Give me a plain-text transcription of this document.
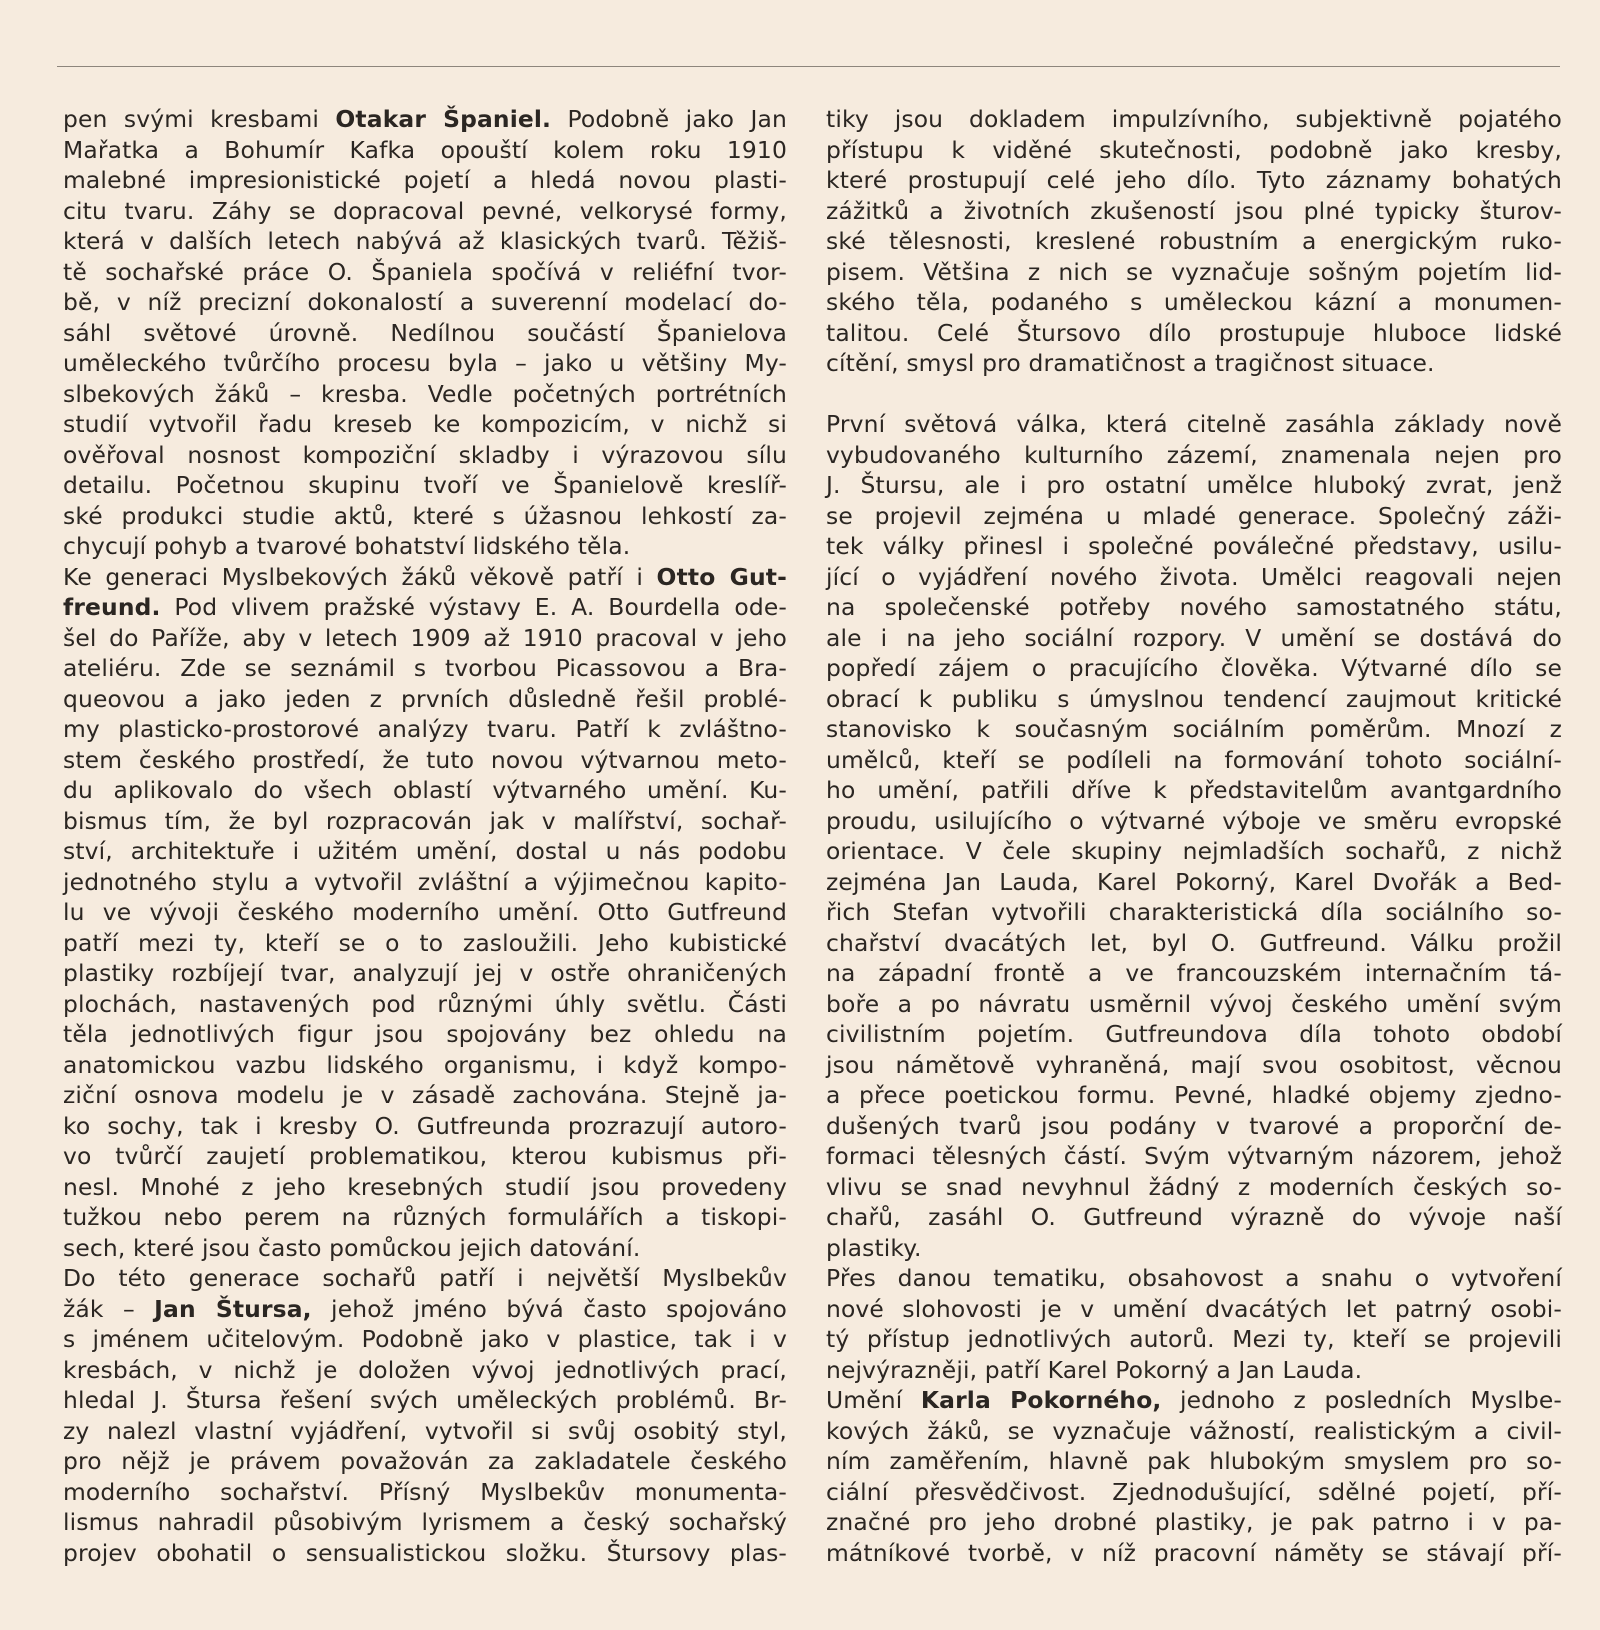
pen svými kresbami Otakar Španiel. Podobně jako Jan
Mařatka a Bohumír Kafka opouští kolem roku 1910
malebné impresionistické pojetí a hledá novou plasti-
citu tvaru. Záhy se dopracoval pevné, velkorysé formy,
která v dalších letech nabývá až klasických tvarů. Těžiš-
tě sochařské práce O. Španiela spočívá v reliéfní tvor-
bě, v níž precizní dokonalostí a suverenní modelací do-
sáhl světové úrovně. Nedílnou součástí Španielova
uměleckého tvůrčího procesu byla – jako u většiny My-
slbekových žáků – kresba. Vedle početných portrétních
studií vytvořil řadu kreseb ke kompozicím, v nichž si
ověřoval nosnost kompoziční skladby i výrazovou sílu
detailu. Početnou skupinu tvoří ve Španielově kreslíř-
ské produkci studie aktů, které s úžasnou lehkostí za-
chycují pohyb a tvarové bohatství lidského těla.
Ke generaci Myslbekových žáků věkově patří i Otto Gut-
freund. Pod vlivem pražské výstavy E. A. Bourdella ode-
šel do Paříže, aby v letech 1909 až 1910 pracoval v jeho
ateliéru. Zde se seznámil s tvorbou Picassovou a Bra-
queovou a jako jeden z prvních důsledně řešil problé-
my plasticko-prostorové analýzy tvaru. Patří k zvláštno-
stem českého prostředí, že tuto novou výtvarnou meto-
du aplikovalo do všech oblastí výtvarného umění. Ku-
bismus tím, že byl rozpracován jak v malířství, sochař-
ství, architektuře i užitém umění, dostal u nás podobu
jednotného stylu a vytvořil zvláštní a výjimečnou kapito-
lu ve vývoji českého moderního umění. Otto Gutfreund
patří mezi ty, kteří se o to zasloužili. Jeho kubistické
plastiky rozbíjejí tvar, analyzují jej v ostře ohraničených
plochách, nastavených pod různými úhly světlu. Části
těla jednotlivých figur jsou spojovány bez ohledu na
anatomickou vazbu lidského organismu, i když kompo-
ziční osnova modelu je v zásadě zachována. Stejně ja-
ko sochy, tak i kresby O. Gutfreunda prozrazují autoro-
vo tvůrčí zaujetí problematikou, kterou kubismus při-
nesl. Mnohé z jeho kresebných studií jsou provedeny
tužkou nebo perem na různých formulářích a tiskopi-
sech, které jsou často pomůckou jejich datování.
Do této generace sochařů patří i největší Myslbekův
žák – Jan Štursa, jehož jméno bývá často spojováno
s jménem učitelovým. Podobně jako v plastice, tak i v
kresbách, v nichž je doložen vývoj jednotlivých prací,
hledal J. Štursa řešení svých uměleckých problémů. Br-
zy nalezl vlastní vyjádření, vytvořil si svůj osobitý styl,
pro nějž je právem považován za zakladatele českého
moderního sochařství. Přísný Myslbekův monumenta-
lismus nahradil působivým lyrismem a český sochařský
projev obohatil o sensualistickou složku. Štursovy plas-
tiky jsou dokladem impulzívního, subjektivně pojatého
přístupu k viděné skutečnosti, podobně jako kresby,
které prostupují celé jeho dílo. Tyto záznamy bohatých
zážitků a životních zkušeností jsou plné typicky šturov-
ské tělesnosti, kreslené robustním a energickým ruko-
pisem. Většina z nich se vyznačuje sošným pojetím lid-
ského těla, podaného s uměleckou kázní a monumen-
talitou. Celé Štursovo dílo prostupuje hluboce lidské
cítění, smysl pro dramatičnost a tragičnost situace.
První světová válka, která citelně zasáhla základy nově
vybudovaného kulturního zázemí, znamenala nejen pro
J. Štursu, ale i pro ostatní umělce hluboký zvrat, jenž
se projevil zejména u mladé generace. Společný záži-
tek války přinesl i společné poválečné představy, usilu-
jící o vyjádření nového života. Umělci reagovali nejen
na společenské potřeby nového samostatného státu,
ale i na jeho sociální rozpory. V umění se dostává do
popředí zájem o pracujícího člověka. Výtvarné dílo se
obrací k publiku s úmyslnou tendencí zaujmout kritické
stanovisko k současným sociálním poměrům. Mnozí z
umělců, kteří se podíleli na formování tohoto sociální-
ho umění, patřili dříve k představitelům avantgardního
proudu, usilujícího o výtvarné výboje ve směru evropské
orientace. V čele skupiny nejmladších sochařů, z nichž
zejména Jan Lauda, Karel Pokorný, Karel Dvořák a Bed-
řich Stefan vytvořili charakteristická díla sociálního so-
chařství dvacátých let, byl O. Gutfreund. Válku prožil
na západní frontě a ve francouzském internačním tá-
boře a po návratu usměrnil vývoj českého umění svým
civilistním pojetím. Gutfreundova díla tohoto období
jsou námětově vyhraněná, mají svou osobitost, věcnou
a přece poetickou formu. Pevné, hladké objemy zjedno-
dušených tvarů jsou podány v tvarové a proporční de-
formaci tělesných částí. Svým výtvarným názorem, jehož
vlivu se snad nevyhnul žádný z moderních českých so-
chařů, zasáhl O. Gutfreund výrazně do vývoje naší
plastiky.
Přes danou tematiku, obsahovost a snahu o vytvoření
nové slohovosti je v umění dvacátých let patrný osobi-
tý přístup jednotlivých autorů. Mezi ty, kteří se projevili
nejvýrazněji, patří Karel Pokorný a Jan Lauda.
Umění Karla Pokorného, jednoho z posledních Myslbe-
kových žáků, se vyznačuje vážností, realistickým a civil-
ním zaměřením, hlavně pak hlubokým smyslem pro so-
ciální přesvědčivost. Zjednodušující, sdělné pojetí, pří-
značné pro jeho drobné plastiky, je pak patrno i v pa-
mátníkové tvorbě, v níž pracovní náměty se stávají pří-
